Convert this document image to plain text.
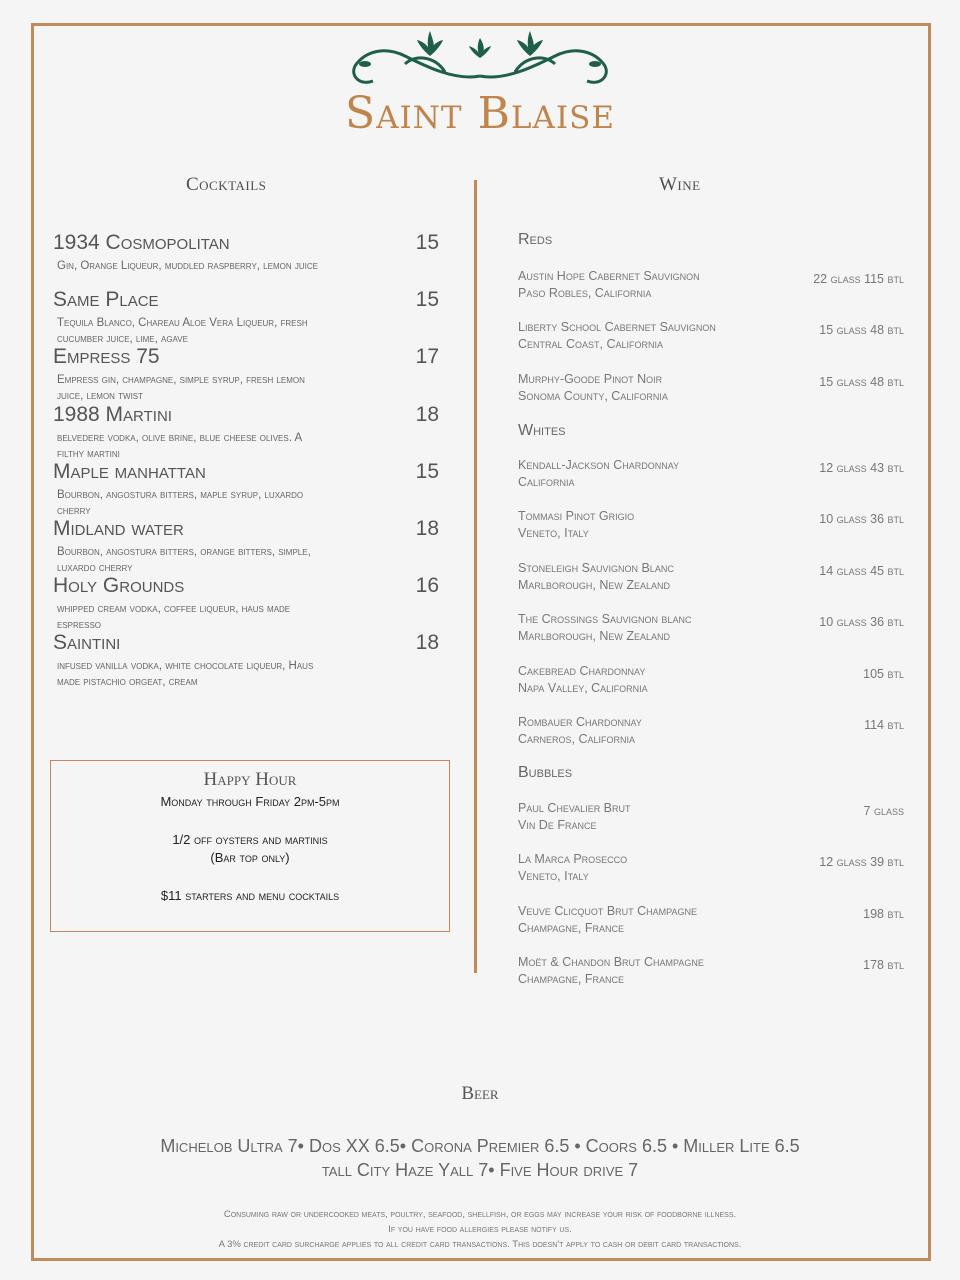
Saint Blaise
Cocktails
1934 Cosmopolitan	15
Gin, Orange Liqueur, muddled raspberry, lemon juice
Same Place	15
Tequila Blanco, Chareau Aloe Vera Liqueur, fresh cucumber juice, lime, agave
Empress 75	17
Empress gin, champagne, simple syrup, fresh lemon juice, lemon twist
1988 Martini	18
belvedere vodka, olive brine, blue cheese olives. A filthy martini
Maple manhattan	15
Bourbon, angostura bitters, maple syrup, luxardo cherry
Midland water	18
Bourbon, angostura bitters, orange bitters, simple, luxardo cherry
Holy Grounds	16
whipped cream vodka, coffee liqueur, haus made espresso
Saintini	18
infused vanilla vodka, white chocolate liqueur, Haus made pistachio orgeat, cream
Happy Hour
Monday through Friday 2pm-5pm
1/2 off oysters and martinis
(Bar top only)
$11 starters and menu cocktails
Wine
Reds
Austin Hope Cabernet Sauvignon
Paso Robles, California
22 glass 115 btl
Liberty School Cabernet Sauvignon
Central Coast, California
15 glass 48 btl
Murphy-Goode Pinot Noir
Sonoma County, California
15 glass 48 btl
Whites
Kendall-Jackson Chardonnay
California
12 glass 43 btl
Tommasi Pinot Grigio
Veneto, Italy
10 glass 36 btl
Stoneleigh Sauvignon Blanc
Marlborough, New Zealand
14 glass 45 btl
The Crossings Sauvignon blanc
Marlborough, New Zealand
10 glass 36 btl
Cakebread Chardonnay
Napa Valley, California
105 btl
Rombauer Chardonnay
Carneros, California
114 btl
Bubbles
Paul Chevalier Brut
Vin De France
7 glass
La Marca Prosecco
Veneto, Italy
12 glass 39 btl
Veuve Clicquot Brut Champagne
Champagne, France
198 btl
Moët & Chandon Brut Champagne
Champagne, France
178 btl
Beer
Michelob Ultra 7• Dos XX 6.5• Corona Premier 6.5 • Coors 6.5 • Miller Lite 6.5
tall City Haze Yall 7• Five Hour drive 7
Consuming raw or undercooked meats, poultry, seafood, shellfish, or eggs may increase your risk of foodborne illness.
If you have food allergies please notify us.
A 3% credit card surcharge applies to all credit card transactions. This doesn't apply to cash or debit card transactions.
